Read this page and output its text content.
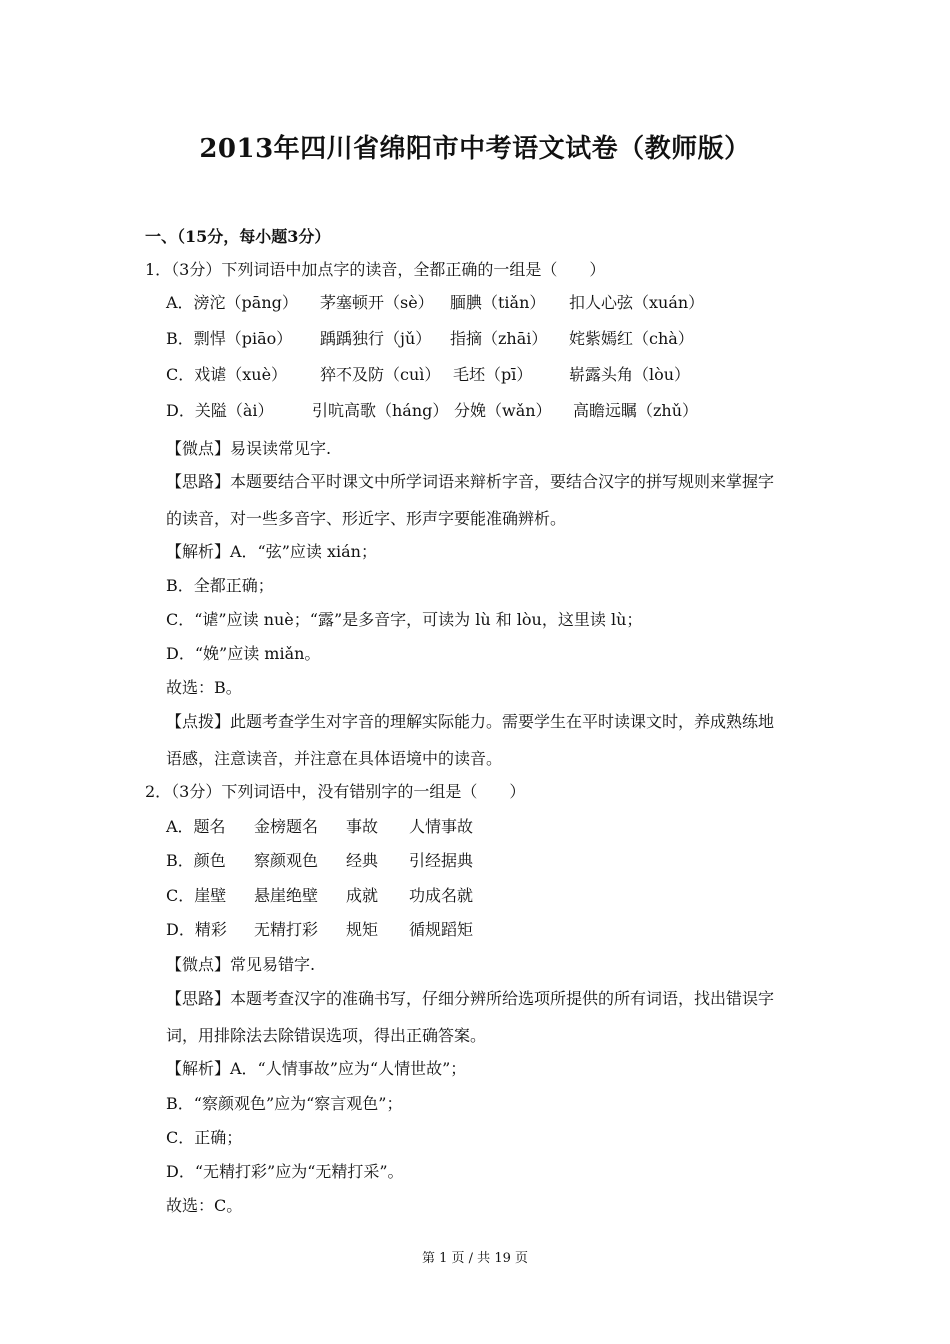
2013年四川省绵阳市中考语文试卷（教师版）
一、（15分，每小题3分）
1．（3分）下列词语中加点字的读音，全都正确的一组是（　　）
A．滂沱（pāng） 茅塞顿开（sè） 腼腆（tiǎn） 扣人心弦（xuán）
B．剽悍（piāo） 踽踽独行（jǔ） 指摘（zhāi） 姹紫嫣红（chà）
C．戏谑（xuè） 猝不及防（cuì） 毛坯（pī） 崭露头角（lòu）
D．关隘（ài） 引吭高歌（háng） 分娩（wǎn） 高瞻远瞩（zhǔ）
【微点】易误读常见字.
【思路】本题要结合平时课文中所学词语来辩析字音，要结合汉字的拼写规则来掌握字
的读音，对一些多音字、形近字、形声字要能准确辨析。
【解析】A．“弦”应读 xián；
B．全都正确；
C．“谑”应读 nuè；“露”是多音字，可读为 lù 和 lòu，这里读 lù；
D．“娩”应读 miǎn。
故选：B。
【点拨】此题考查学生对字音的理解实际能力。需要学生在平时读课文时，养成熟练地
语感，注意读音，并注意在具体语境中的读音。
2．（3分）下列词语中，没有错别字的一组是（　　）
A．题名 金榜题名 事故 人情事故
B．颜色 察颜观色 经典 引经据典
C．崖壁 悬崖绝壁 成就 功成名就
D．精彩 无精打彩 规矩 循规蹈矩
【微点】常见易错字.
【思路】本题考查汉字的准确书写，仔细分辨所给选项所提供的所有词语，找出错误字
词，用排除法去除错误选项，得出正确答案。
【解析】A．“人情事故”应为“人情世故”；
B．“察颜观色”应为“察言观色”；
C．正确；
D．“无精打彩”应为“无精打采”。
故选：C。
第 1 页 / 共 19 页
